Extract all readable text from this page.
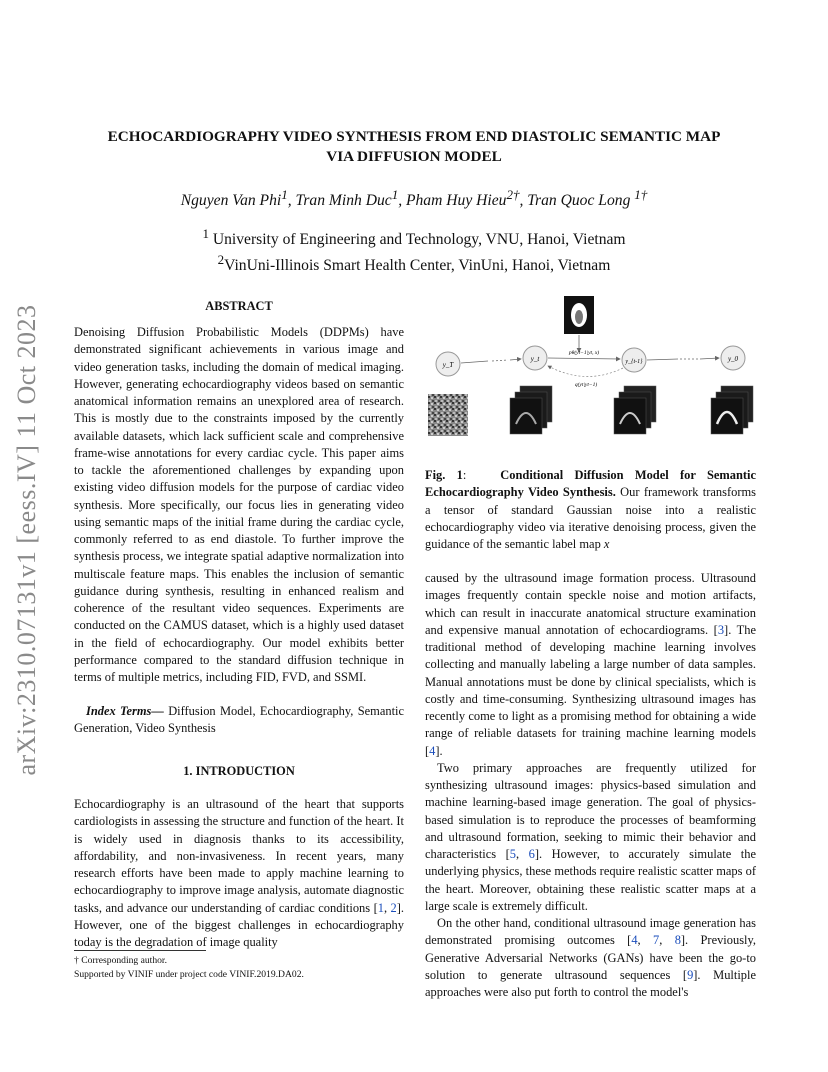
arXiv:2310.07131v1 [eess.IV] 11 Oct 2023
ECHOCARDIOGRAPHY VIDEO SYNTHESIS FROM END DIASTOLIC SEMANTIC MAP
VIA DIFFUSION MODEL
Nguyen Van Phi$^1$, Tran Minh Duc$^1$, Pham Huy Hieu$^{2\dagger}$, Tran Quoc Long $^{1\dagger}$
$^1$ University of Engineering and Technology, VNU, Hanoi, Vietnam
$^2$VinUni-Illinois Smart Health Center, VinUni, Hanoi, Vietnam
ABSTRACT

Denoising Diffusion Probabilistic Models (DDPMs) have demonstrated significant achievements in various image and video generation tasks, including the domain of medical imaging. However, generating echocardiography videos based on semantic anatomical information remains an unexplored area of research. This is mostly due to the constraints imposed by the currently available datasets, which lack sufficient scale and comprehensive frame-wise annotations for every cardiac cycle. This paper aims to tackle the aforementioned challenges by expanding upon existing video diffusion models for the purpose of cardiac video synthesis. More specifically, our focus lies in generating video using semantic maps of the initial frame during the cardiac cycle, commonly referred to as end diastole. To further improve the synthesis process, we integrate spatial adaptive normalization into multiscale feature maps. This enables the inclusion of semantic guidance during synthesis, resulting in enhanced realism and coherence of the resultant video sequences. Experiments are conducted on the CAMUS dataset, which is a highly used dataset in the field of echocardiography. Our model exhibits better performance compared to the standard diffusion technique in terms of multiple metrics, including FID, FVD, and SSMI.

Index Terms— Diffusion Model, Echocardiography, Semantic Generation, Video Synthesis

1. INTRODUCTION

Echocardiography is an ultrasound of the heart that supports cardiologists in assessing the structure and function of the heart. It is widely used in diagnosis thanks to its accessibility, affordability, and non-invasiveness. In recent years, many research efforts have been made to apply machine learning to echocardiography to improve image analysis, automate diagnostic tasks, and advance our understanding of cardiac conditions [1, 2]. However, one of the biggest challenges in echocardiography today is the degradation of image quality

† Corresponding author.
Supported by VINIF under project code VINIF.2019.DA02.
y_T
y_t	y_{t-1}	y_0
pθ(yt−1|yt, x)
q(yt|yt−1)

Fig. 1:	Conditional Diffusion Model for Semantic Echocardiography Video Synthesis. Our framework transforms a tensor of standard Gaussian noise into a realistic echocardiography video via iterative denoising process, given the guidance of the semantic label map x

caused by the ultrasound image formation process. Ultrasound images frequently contain speckle noise and motion artifacts, which can result in inaccurate anatomical structure examination and expensive manual annotation of echocardiograms. [3]. The traditional method of developing machine learning involves collecting and manually labeling a large number of data samples. Manual annotations must be done by clinical specialists, which is costly and time-consuming. Synthesizing ultrasound images has recently come to light as a promising method for obtaining a wide range of reliable datasets for training machine learning models [4].

Two primary approaches are frequently utilized for synthesizing ultrasound images: physics-based simulation and machine learning-based image generation. The goal of physics-based simulation is to reproduce the processes of beamforming and ultrasound formation, seeking to mimic their behavior and characteristics [5, 6]. However, to accurately simulate the underlying physics, these methods require realistic scatter maps of the heart. Moreover, obtaining these realistic scatter maps at a large scale is extremely difficult.

On the other hand, conditional ultrasound image generation has demonstrated promising outcomes [4, 7, 8]. Previously, Generative Adversarial Networks (GANs) have been the go-to solution to generate ultrasound sequences [9]. Multiple approaches were also put forth to control the model's
